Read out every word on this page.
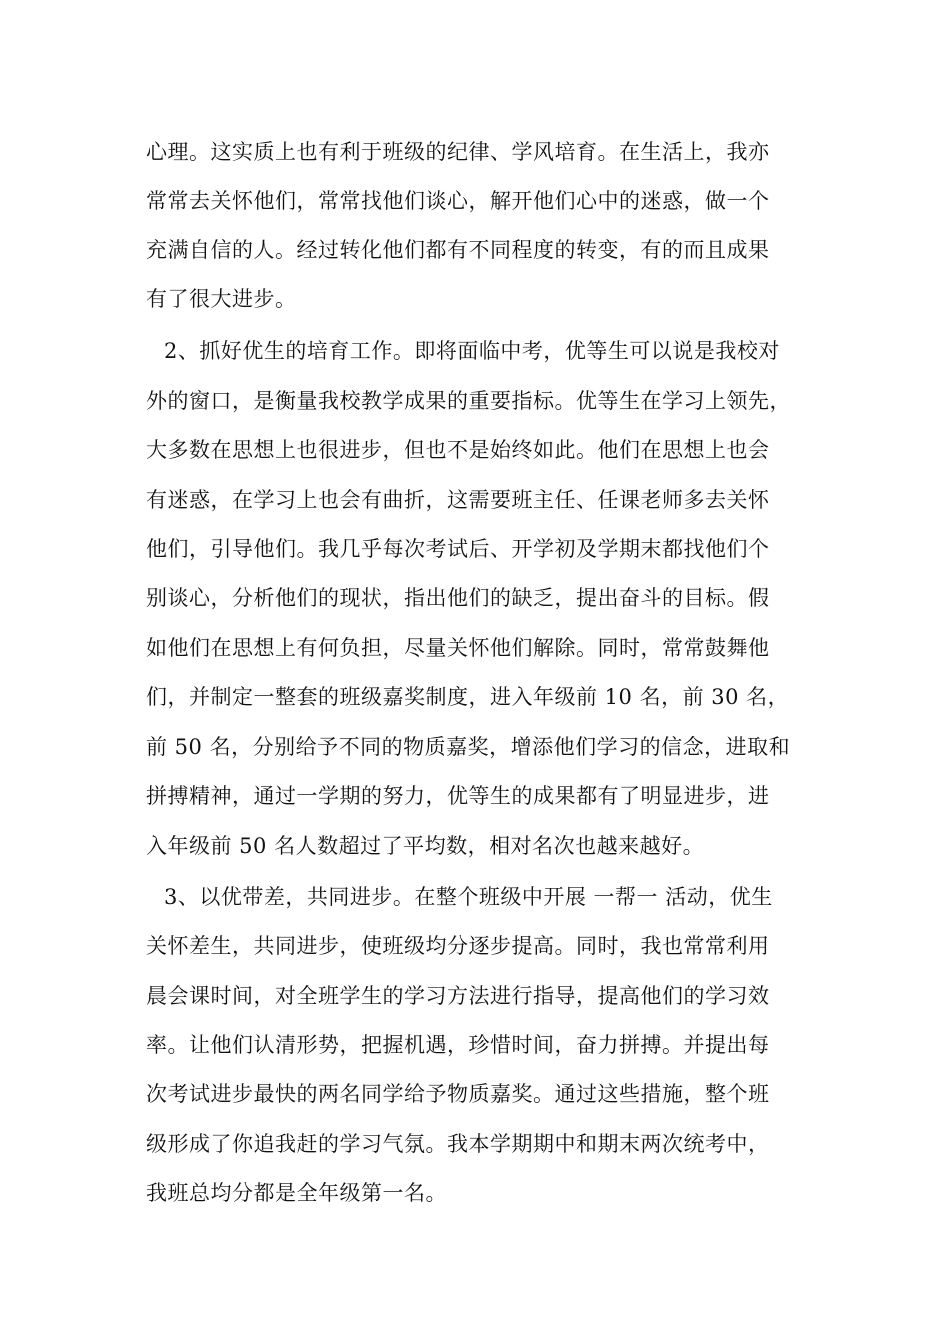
心理。这实质上也有利于班级的纪律、学风培育。在生活上，我亦
常常去关怀他们，常常找他们谈心，解开他们心中的迷惑，做一个
充满自信的人。经过转化他们都有不同程度的转变，有的而且成果
有了很大进步。
2、抓好优生的培育工作。即将面临中考，优等生可以说是我校对
外的窗口，是衡量我校教学成果的重要指标。优等生在学习上领先，
大多数在思想上也很进步，但也不是始终如此。他们在思想上也会
有迷惑，在学习上也会有曲折，这需要班主任、任课老师多去关怀
他们，引导他们。我几乎每次考试后、开学初及学期末都找他们个
别谈心，分析他们的现状，指出他们的缺乏，提出奋斗的目标。假
如他们在思想上有何负担，尽量关怀他们解除。同时，常常鼓舞他
们，并制定一整套的班级嘉奖制度，进入年级前 10 名，前 30 名，
前 50 名，分别给予不同的物质嘉奖，增添他们学习的信念，进取和
拼搏精神，通过一学期的努力，优等生的成果都有了明显进步，进
入年级前 50 名人数超过了平均数，相对名次也越来越好。
3、以优带差，共同进步。在整个班级中开展 一帮一 活动，优生
关怀差生，共同进步，使班级均分逐步提高。同时，我也常常利用
晨会课时间，对全班学生的学习方法进行指导，提高他们的学习效
率。让他们认清形势，把握机遇，珍惜时间，奋力拼搏。并提出每
次考试进步最快的两名同学给予物质嘉奖。通过这些措施，整个班
级形成了你追我赶的学习气氛。我本学期期中和期末两次统考中，
我班总均分都是全年级第一名。
